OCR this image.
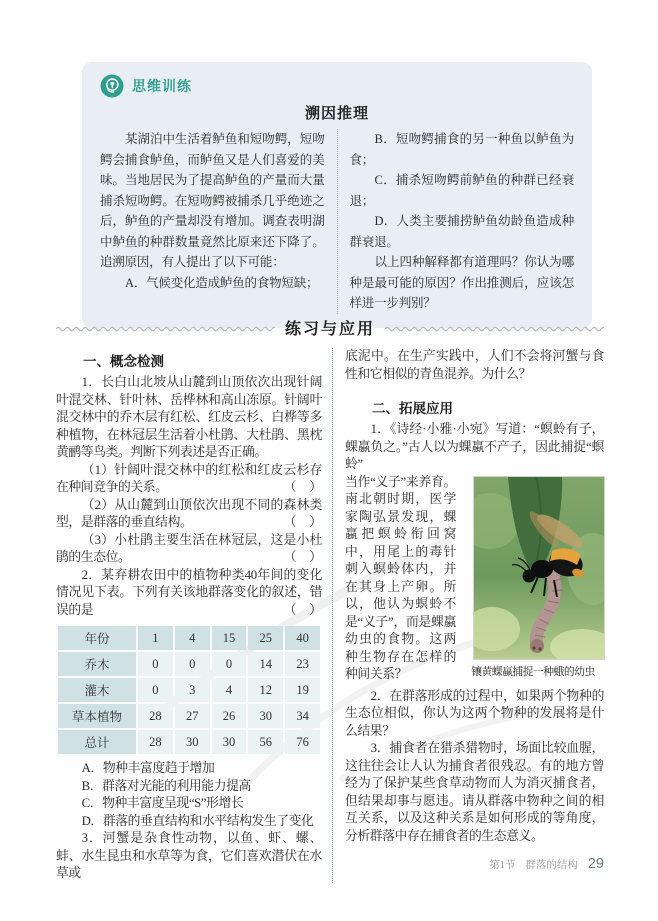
思维训练
溯因推理

某湖泊中生活着鲈鱼和短吻鳄，短吻鳄会捕食鲈鱼，而鲈鱼又是人们喜爱的美味。当地居民为了提高鲈鱼的产量而大量捕杀短吻鳄。在短吻鳄被捕杀几乎绝迹之后，鲈鱼的产量却没有增加。调查表明湖中鲈鱼的种群数量竟然比原来还下降了。追溯原因，有人提出了以下可能：

A．气候变化造成鲈鱼的食物短缺；

B．短吻鳄捕食的另一种鱼以鲈鱼为食；

C．捕杀短吻鳄前鲈鱼的种群已经衰退；

D．人类主要捕捞鲈鱼幼龄鱼造成种群衰退。

以上四种解释都有道理吗？你认为哪种是最可能的原因？作出推测后，应该怎样进一步判别？

练习与应用
一、概念检测

1．长白山北坡从山麓到山顶依次出现针阔叶混交林、针叶林、岳桦林和高山冻原。针阔叶混交林中的乔木层有红松、红皮云杉、白桦等多种植物，在林冠层生活着小杜鹃、大杜鹃、黑枕黄鹂等鸟类。判断下列表述是否正确。

（1）针阔叶混交林中的红松和红皮云杉存在种间竞争的关系。	（　）

（2）从山麓到山顶依次出现不同的森林类型，是群落的垂直结构。	（　）

（3）小杜鹃主要生活在林冠层，这是小杜鹃的生态位。	（　）

2．某弃耕农田中的植物种类40年间的变化情况见下表。下列有关该地群落变化的叙述，错误的是	（　）

年份	1	4	15	25	40
乔木	0	0	0	14	23
灌木	0	3	4	12	19
草本植物	28	27	26	30	34
总计	28	30	30	56	76

A．物种丰富度趋于增加

B．群落对光能的利用能力提高

C．物种丰富度呈现“S”形增长

D．群落的垂直结构和水平结构发生了变化

3．河蟹是杂食性动物，以鱼、虾、螺、蚌、水生昆虫和水草等为食，它们喜欢潜伏在水草或

底泥中。在生产实践中，人们不会将河蟹与食性和它相似的青鱼混养。为什么？

二、拓展应用

1．《诗经·小雅·小宛》写道：“螟蛉有子，蜾蠃负之。”古人以为蜾蠃不产子，因此捕捉“螟蛉”

镶黄蜾蠃捕捉一种蛾的幼虫

当作“义子”来养育。南北朝时期，医学家陶弘景发现，蜾蠃把螟蛉衔回窝中，用尾上的毒针刺入螟蛉体内，并在其身上产卵。所以，他认为螟蛉不是“义子”，而是蜾蠃幼虫的食物。这两种生物存在怎样的种间关系？

2．在群落形成的过程中，如果两个物种的生态位相似，你认为这两个物种的发展将是什么结果？

3．捕食者在猎杀猎物时，场面比较血腥，这往往会让人认为捕食者很残忍。有的地方曾经为了保护某些食草动物而人为消灭捕食者，但结果却事与愿违。请从群落中物种之间的相互关系，以及这种关系是如何形成的等角度，分析群落中存在捕食者的生态意义。

第1节 群落的结构 29
